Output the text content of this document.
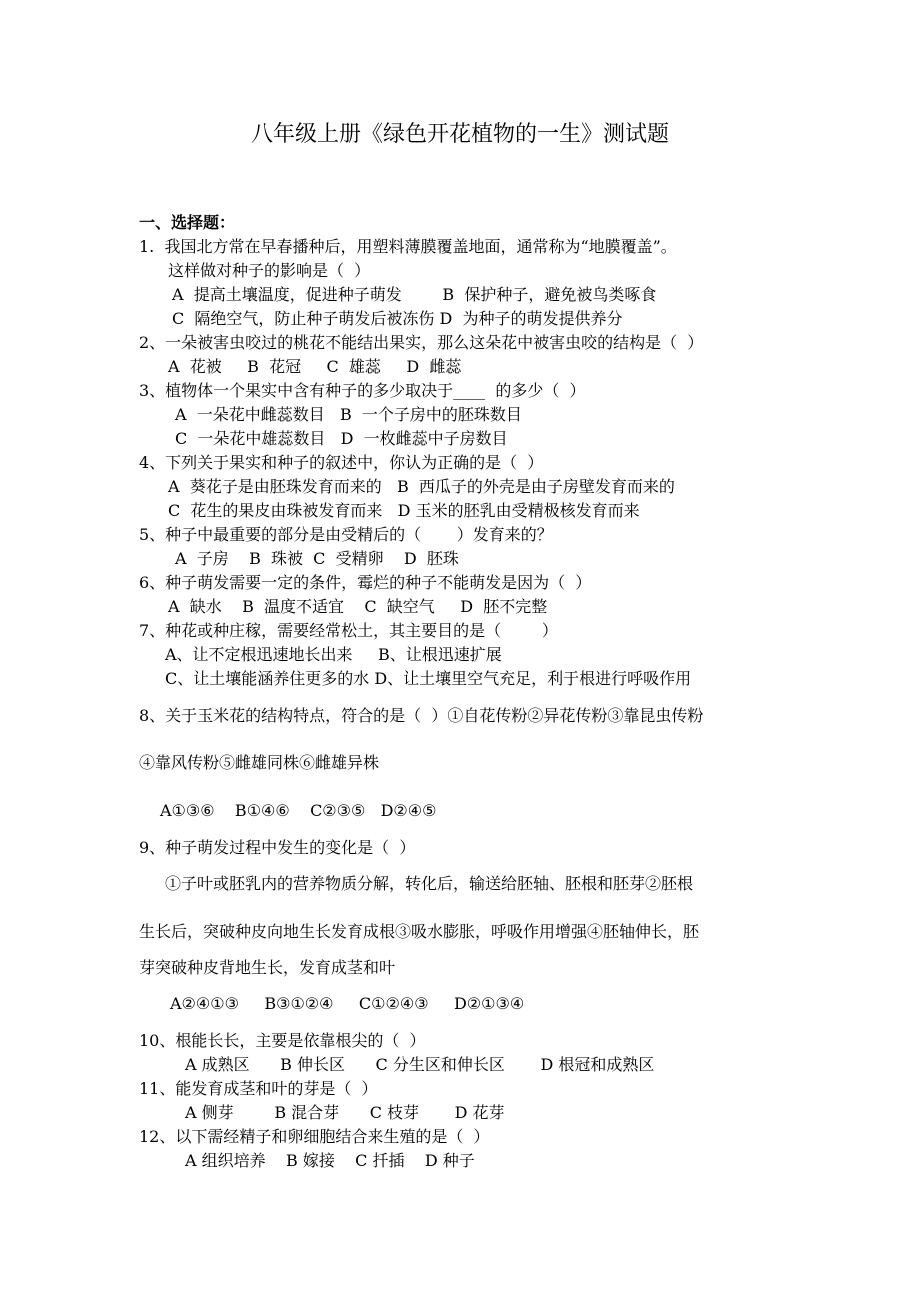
八年级上册《绿色开花植物的一生》测试题
一、选择题：
1.  我国北方常在早春播种后，用塑料薄膜覆盖地面，通常称为“地膜覆盖”。
这样做对种子的影响是（  ）
A  提高土壤温度，促进种子萌发        B  保护种子，避免被鸟类啄食
C  隔绝空气，防止种子萌发后被冻伤 D  为种子的萌发提供养分
2、一朵被害虫咬过的桃花不能结出果实，那么这朵花中被害虫咬的结构是（  ）
A  花被     B  花冠     C  雄蕊     D  雌蕊
3、植物体一个果实中含有种子的多少取决于____  的多少（  ）
A  一朵花中雌蕊数目   B  一个子房中的胚珠数目
C  一朵花中雄蕊数目   D  一枚雌蕊中子房数目
4、下列关于果实和种子的叙述中，你认为正确的是（  ）
A  葵花子是由胚珠发育而来的   B  西瓜子的外壳是由子房壁发育而来的
C  花生的果皮由珠被发育而来   D 玉米的胚乳由受精极核发育而来
5、种子中最重要的部分是由受精后的（       ）发育来的？
A  子房    B  珠被  C  受精卵    D  胚珠
6、种子萌发需要一定的条件，霉烂的种子不能萌发是因为（  ）
A  缺水    B  温度不适宜    C  缺空气     D  胚不完整
7、种花或种庄稼，需要经常松土，其主要目的是（        ）
A、让不定根迅速地长出来     B、让根迅速扩展
C、让土壤能涵养住更多的水 D、让土壤里空气充足，利于根进行呼吸作用
8、关于玉米花的结构特点，符合的是（  ）①自花传粉②异花传粉③靠昆虫传粉
④靠风传粉⑤雌雄同株⑥雌雄异株
A①③⑥    B①④⑥    C②③⑤   D②④⑤
9、种子萌发过程中发生的变化是（  ）
①子叶或胚乳内的营养物质分解，转化后，输送给胚轴、胚根和胚芽②胚根
生长后，突破种皮向地生长发育成根③吸水膨胀，呼吸作用增强④胚轴伸长，胚
芽突破种皮背地生长，发育成茎和叶
A②④①③     B③①②④     C①②④③     D②①③④
10、根能长长，主要是依靠根尖的（  ）
A 成熟区      B 伸长区      C 分生区和伸长区       D 根冠和成熟区
11、能发育成茎和叶的芽是（  ）
A 侧芽        B 混合芽      C 枝芽       D 花芽
12、以下需经精子和卵细胞结合来生殖的是（  ）
A 组织培养    B 嫁接    C 扦插    D 种子
